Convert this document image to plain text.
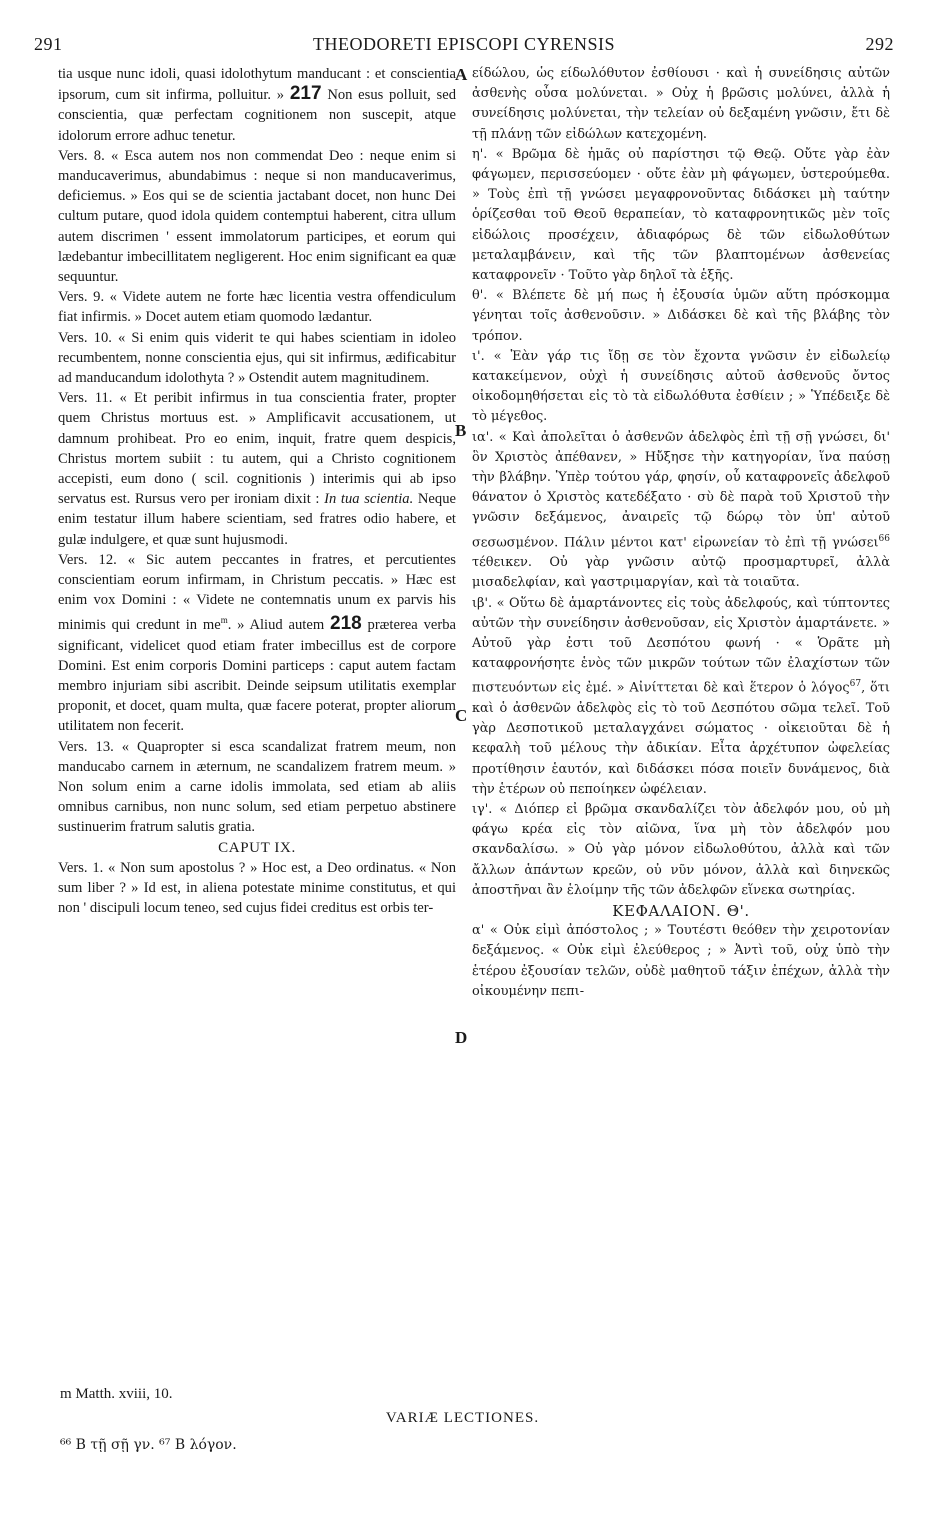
291	THEODORETI EPISCOPI CYRENSIS	292

tia usque nunc idoli, quasi idolothytum manducant : et conscientia ipsorum, cum sit infirma, polluitur. » 217 Non esus polluit, sed conscientia, quæ perfectam cognitionem non suscepit, atque idolorum errore adhuc tenetur.

Vers. 8. « Esca autem nos non commendat Deo : neque enim si manducaverimus, abundabimus : neque si non manducaverimus, deficiemus. » Eos qui se de scientia jactabant docet, non hunc Dei cultum putare, quod idola quidem contemptui haberent, citra ullum autem discrimen ' essent immolatorum participes, et eorum qui lædebantur imbecillitatem negligerent. Hoc enim significant ea quæ sequuntur.

Vers. 9. « Videte autem ne forte hæc licentia vestra offendiculum fiat infirmis. » Docet autem etiam quomodo lædantur.

Vers. 10. « Si enim quis viderit te qui habes scientiam in idoleo recumbentem, nonne conscientia ejus, qui sit infirmus, ædificabitur ad manducandum idolothyta ? » Ostendit autem magnitudinem.

Vers. 11. « Et peribit infirmus in tua conscientia frater, propter quem Christus mortuus est. » Amplificavit accusationem, ut damnum prohibeat. Pro eo enim, inquit, fratre quem despicis, Christus mortem subiit : tu autem, qui a Christo cognitionem accepisti, eum dono ( scil. cognitionis ) interimis qui ab ipso servatus est. Rursus vero per ironiam dixit : In tua scientia. Neque enim testatur illum habere scientiam, sed fratres odio habere, et gulæ indulgere, et quæ sunt hujusmodi.

Vers. 12. « Sic autem peccantes in fratres, et percutientes conscientiam eorum infirmam, in Christum peccatis. » Hæc est enim vox Domini : « Videte ne contemnatis unum ex parvis his minimis qui credunt in $me^m$. » Aliud autem 218 præterea verba significant, videlicet quod etiam frater imbecillus est de corpore Domini. Est enim corporis Domini particeps : caput autem factam membro injuriam sibi ascribit. Deinde seipsum utilitatis exemplar proponit, et docet, quam multa, quæ facere poterat, propter aliorum utilitatem non fecerit.

Vers. 13. « Quapropter si esca scandalizat fratrem meum, non manducabo carnem in æternum, ne scandalizem fratrem meum. » Non solum enim a carne idolis immolata, sed etiam ab aliis omnibus carnibus, non nunc solum, sed etiam perpetuo abstinere sustinuerim fratrum salutis gratia.

CAPUT IX.

Vers. 1. « Non sum apostolus ? » Hoc est, a Deo ordinatus. « Non sum liber ? » Id est, in aliena potestate minime constitutus, et qui non ' discipuli locum teneo, sed cujus fidei creditus est orbis ter-

A
B
C
D

είδώλου, ὡς είδωλόθυτον ἐσθίουσι · καὶ ἡ συνείδησις αὐτῶν ἀσθενὴς οὖσα μολύνεται. » Οὐχ ἡ βρῶσις μολύνει, ἀλλὰ ἡ συνείδησις μολύνεται, τὴν τελείαν οὐ δεξαμένη γνῶσιν, ἔτι δὲ τῇ πλάνῃ τῶν εἰδώλων κατεχομένη.

η'. « Βρῶμα δὲ ἡμᾶς οὐ παρίστησι τῷ Θεῷ. Οὔτε γὰρ ἐὰν φάγωμεν, περισσεύομεν · οὔτε ἐὰν μὴ φάγωμεν, ὑστερούμεθα. » Τοὺς ἐπὶ τῇ γνώσει μεγαφρονοῦντας διδάσκει μὴ ταύτην ὁρίζεσθαι τοῦ Θεοῦ θεραπείαν, τὸ καταφρονητικῶς μὲν τοῖς εἰδώλοις προσέχειν, ἀδιαφόρως δὲ τῶν εἰδωλοθύτων μεταλαμβάνειν, καὶ τῆς τῶν βλαπτομένων ἀσθενείας καταφρονεῖν · Τοῦτο γὰρ δηλοῖ τὰ ἑξῆς.

θ'. « Βλέπετε δὲ μή πως ἡ ἐξουσία ὑμῶν αὕτη πρόσκομμα γένηται τοῖς ἀσθενοῦσιν. » Διδάσκει δὲ καὶ τῆς βλάβης τὸν τρόπον.

ι'. « Ἐὰν γάρ τις ἴδῃ σε τὸν ἔχοντα γνῶσιν ἐν εἰδωλείῳ κατακείμενον, οὐχὶ ἡ συνείδησις αὐτοῦ ἀσθενοῦς ὄντος οἰκοδομηθήσεται εἰς τὸ τὰ εἰδωλόθυτα ἐσθίειν ; » Ὑπέδειξε δὲ τὸ μέγεθος.

ια'. « Καὶ ἀπολεῖται ὁ ἀσθενῶν ἀδελφὸς ἐπὶ τῇ σῇ γνώσει, δι' ὃν Χριστὸς ἀπέθανεν, » Ηὔξησε τὴν κατηγορίαν, ἵνα παύσῃ τὴν βλάβην. Ὑπὲρ τούτου γάρ, φησίν, οὗ καταφρονεῖς ἀδελφοῦ θάνατον ὁ Χριστὸς κατεδέξατο · σὺ δὲ παρὰ τοῦ Χριστοῦ τὴν γνῶσιν δεξάμενος, ἀναιρεῖς τῷ δώρῳ τὸν ὑπ' αὐτοῦ σεσωσμένον. Πάλιν μέντοι κατ' εἰρωνείαν τὸ ἐπὶ τῇ γνώσει$^{66}$ τέθεικεν. Οὐ γὰρ γνῶσιν αὐτῷ προσμαρτυρεῖ, ἀλλὰ μισαδελφίαν, καὶ γαστριμαργίαν, καὶ τὰ τοιαῦτα.

ιβ'. « Οὕτω δὲ ἁμαρτάνοντες εἰς τοὺς ἀδελφούς, καὶ τύπτοντες αὐτῶν τὴν συνείδησιν ἀσθενοῦσαν, εἰς Χριστὸν ἁμαρτάνετε. » Αὐτοῦ γὰρ ἐστι τοῦ Δεσπότου φωνή · « Ὁρᾶτε μὴ καταφρονήσητε ἑνὸς τῶν μικρῶν τούτων τῶν ἐλαχίστων τῶν πιστευόντων εἰς ἐμέ. » Αἰνίττεται δὲ καὶ ἕτερον ὁ λόγος$^{67}$, ὅτι καὶ ὁ ἀσθενῶν ἀδελφὸς εἰς τὸ τοῦ Δεσπότου σῶμα τελεῖ. Τοῦ γὰρ Δεσποτικοῦ μεταλαγχάνει σώματος · οἰκειοῦται δὲ ἡ κεφαλὴ τοῦ μέλους τὴν ἀδικίαν. Εἶτα ἀρχέτυπον ὠφελείας προτίθησιν ἑαυτόν, καὶ διδάσκει πόσα ποιεῖν δυνάμενος, διὰ τὴν ἑτέρων οὐ πεποίηκεν ὠφέλειαν.

ιγ'. « Διόπερ εἰ βρῶμα σκανδαλίζει τὸν ἀδελφόν μου, οὐ μὴ φάγω κρέα εἰς τὸν αἰῶνα, ἵνα μὴ τὸν ἀδελφόν μου σκανδαλίσω. » Οὐ γὰρ μόνον εἰδωλοθύτου, ἀλλὰ καὶ τῶν ἄλλων ἁπάντων κρεῶν, οὐ νῦν μόνον, ἀλλὰ καὶ διηνεκῶς ἀποστῆναι ἂν ἑλοίμην τῆς τῶν ἀδελφῶν εἵνεκα σωτηρίας.

ΚΕΦΑΛΑΙΟΝ. Θ'.

α' « Οὐκ εἰμὶ ἀπόστολος ; » Τουτέστι θεόθεν τὴν χειροτονίαν δεξάμενος. « Οὐκ εἰμὶ ἐλεύθερος ; » Ἀντὶ τοῦ, οὐχ ὑπὸ τὴν ἑτέρου ἐξουσίαν τελῶν, οὐδὲ μαθητοῦ τάξιν ἐπέχων, ἀλλὰ τὴν οἰκουμένην πεπι-

m Matth. xviii, 10.
VARIÆ LECTIONES.
⁶⁶ Β τῇ σῇ γν. ⁶⁷ Β λόγον.
